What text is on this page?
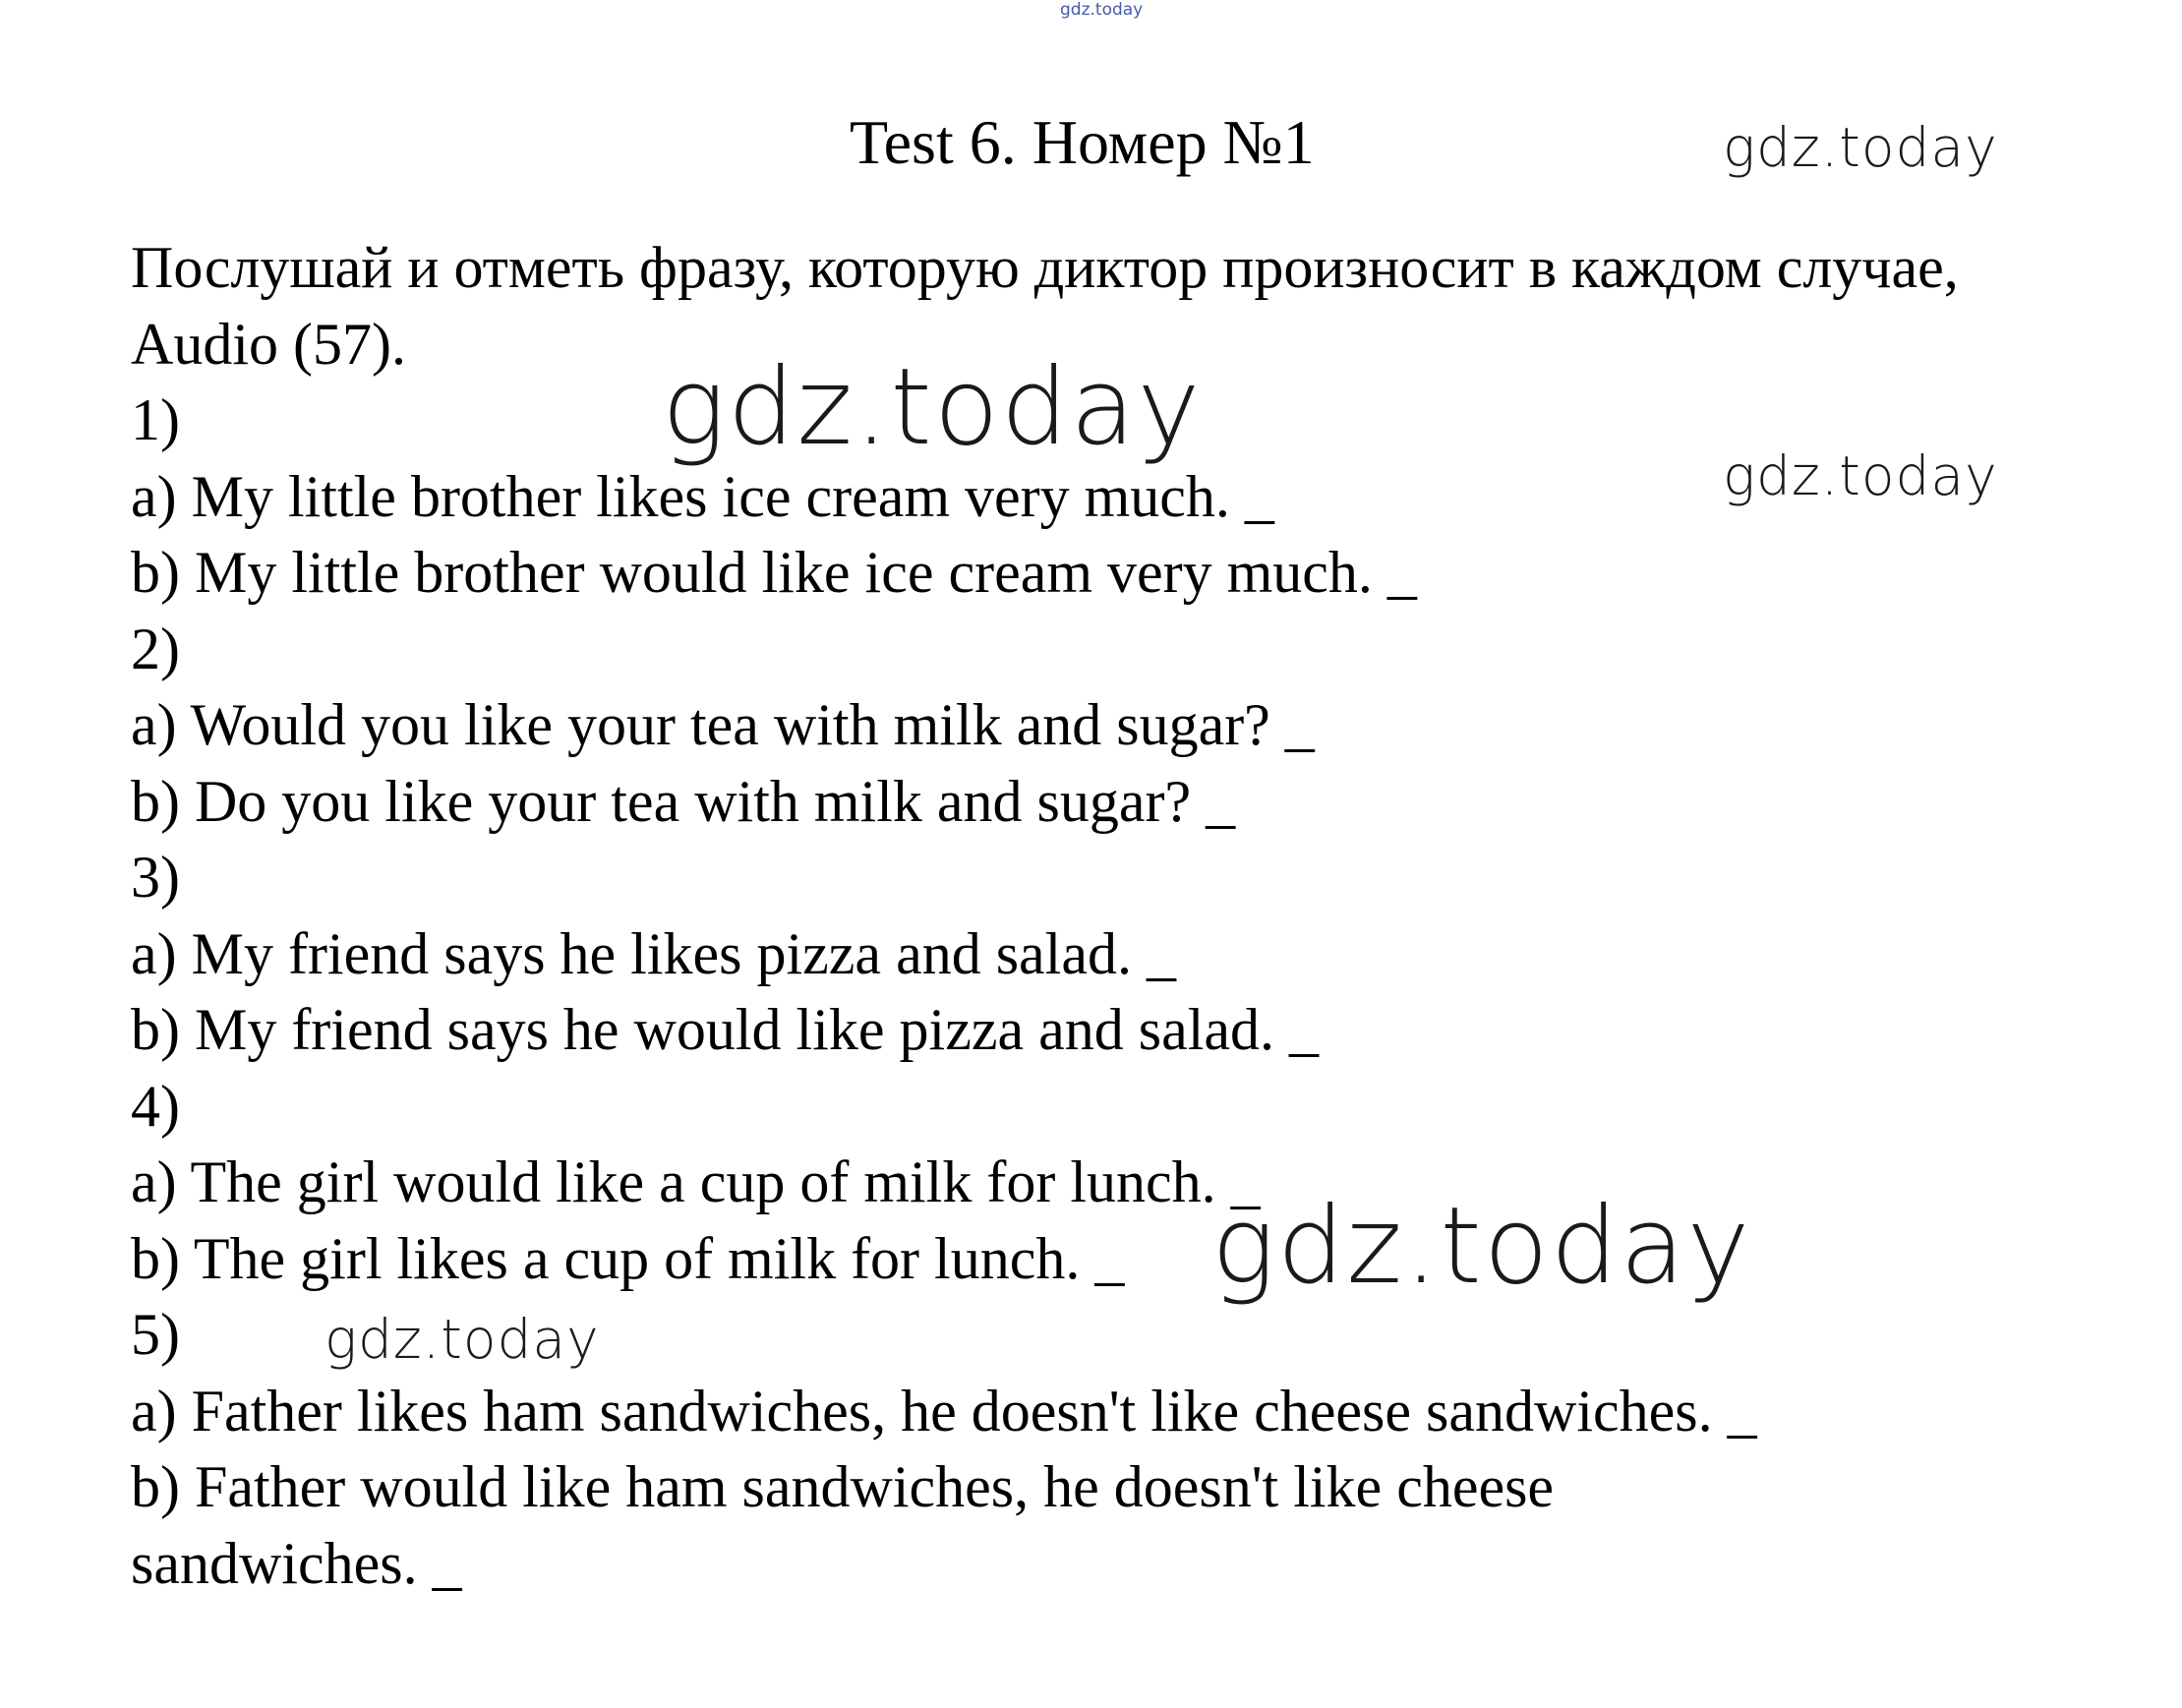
gdz.today
Test 6. Номер №1	gdz.today

Послушай и отметь фразу, которую диктор произносит в каждом случае, Audio (57).

1)
a) My little brother likes ice cream very much. _
b) My little brother would like ice cream very much. _
2)
a) Would you like your tea with milk and sugar? _
b) Do you like your tea with milk and sugar? _
3)
a) My friend says he likes pizza and salad. _
b) My friend says he would like pizza and salad. _
4)
a) The girl would like a cup of milk for lunch. _
b) The girl likes a cup of milk for lunch. _
5)
a) Father likes ham sandwiches, he doesn't like cheese sandwiches. _
b) Father would like ham sandwiches, he doesn't like cheese
sandwiches. _
gdz.today
gdz.today
gdz.today
gdz.today
